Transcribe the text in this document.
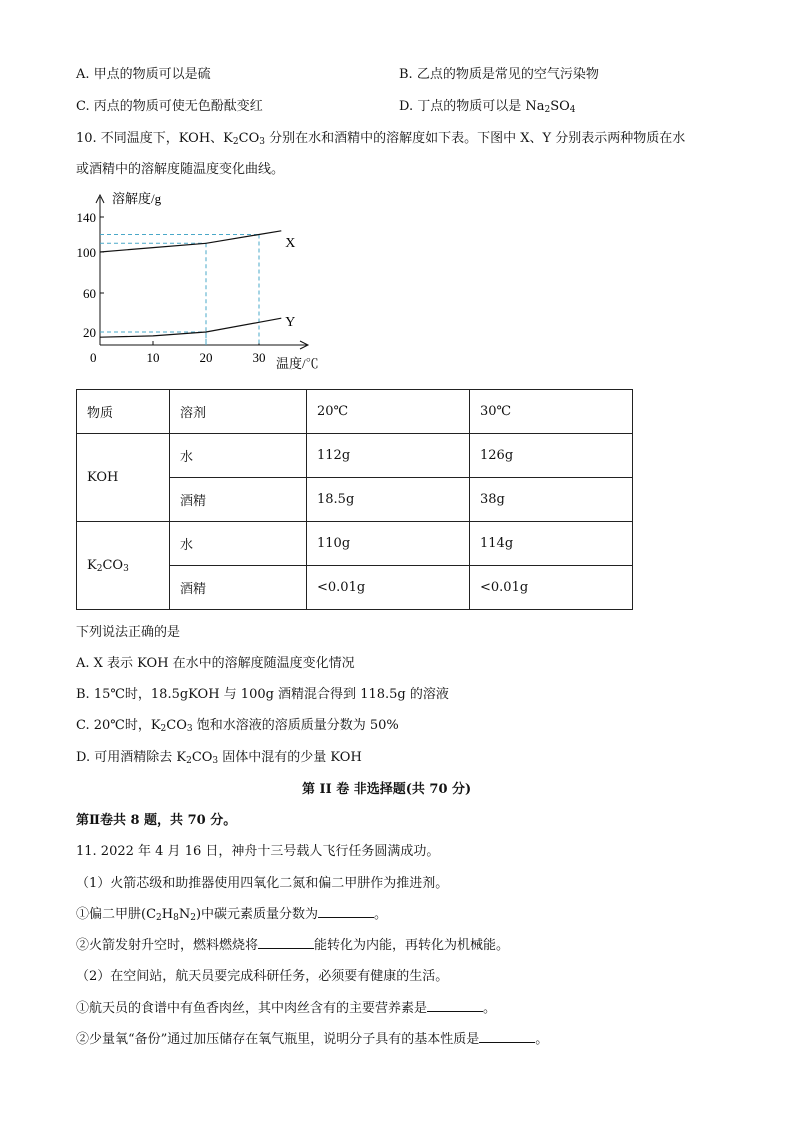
A. 甲点的物质可以是硫	B. 乙点的物质是常见的空气污染物
C. 丙点的物质可使无色酚酞变红	D. 丁点的物质可以是 $Na_2SO_4$
10. 不同温度下，KOH、$K_2CO_3$ 分别在水和酒精中的溶解度如下表。下图中 X、Y 分别表示两种物质在水
或酒精中的溶解度随温度变化曲线。
10	20	30
20
60
100
140
0
溶解度/g
温度/℃
X
Y
物质	溶剂	20℃	30℃
KOH	水	112g	126g
	酒精	18.5g	38g
$K_2CO_3$	水	110g	114g
	酒精	<0.01g	<0.01g
下列说法正确的是
A. X 表示 KOH 在水中的溶解度随温度变化情况
B. 15℃时，18.5gKOH 与 100g 酒精混合得到 118.5g 的溶液
C. 20℃时，$K_2CO_3$ 饱和水溶液的溶质质量分数为 50%
D. 可用酒精除去 $K_2CO_3$ 固体中混有的少量 KOH
第 II 卷 非选择题(共 70 分)
第Ⅱ卷共 8 题，共 70 分。
11. 2022 年 4 月 16 日，神舟十三号载人飞行任务圆满成功。
（1）火箭芯级和助推器使用四氧化二氮和偏二甲肼作为推进剂。
①偏二甲肼$(C_2H_8N_2)$中碳元素质量分数为	。
②火箭发射升空时，燃料燃烧将	能转化为内能，再转化为机械能。
（2）在空间站，航天员要完成科研任务，必须要有健康的生活。
①航天员的食谱中有鱼香肉丝，其中肉丝含有的主要营养素是	。
②少量氧“备份”通过加压储存在氧气瓶里，说明分子具有的基本性质是	。
